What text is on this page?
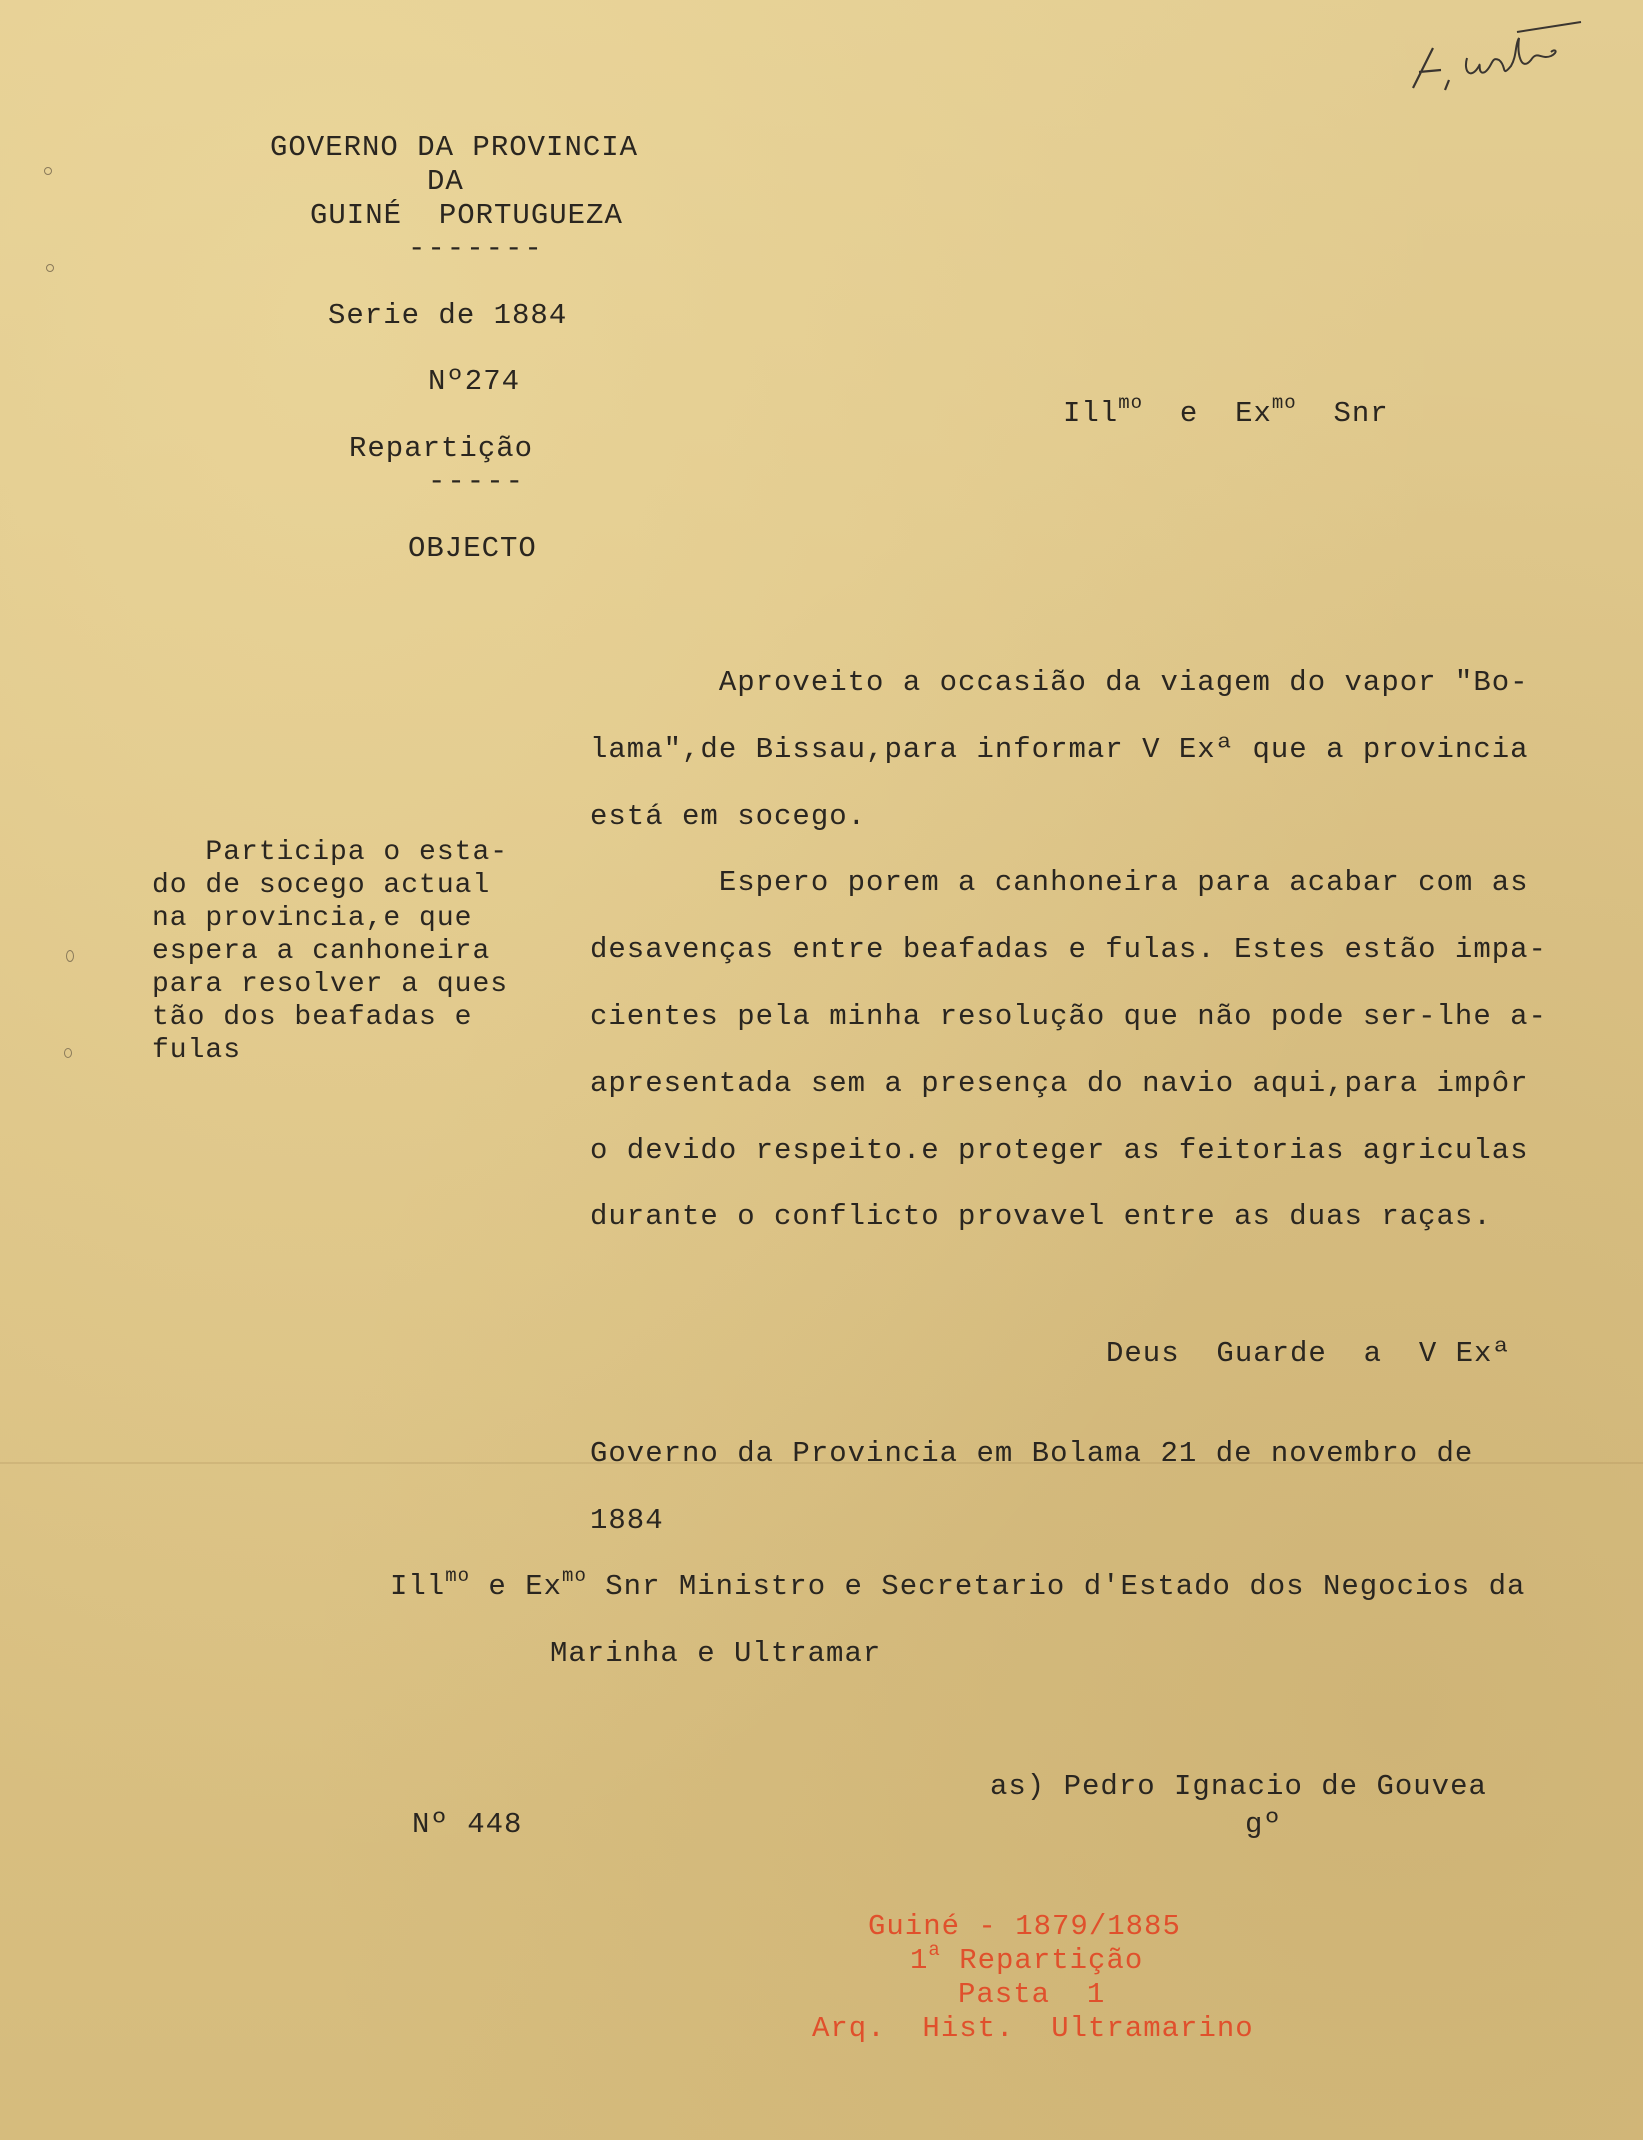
GOVERNO DA PROVINCIA
DA
GUINÉ  PORTUGUEZA
-------
Serie de 1884
Nº274
Repartição
-----
OBJECTO
Ill$^{mo}$ e $Ex^{mo}$ Snr
Participa o esta-
do de socego actual
na provincia,e que
espera a canhoneira
para resolver a ques
tão dos beafadas e
fulas
Aproveito a occasião da viagem do vapor "Bo-
lama",de Bissau,para informar V Exª que a provincia
está em socego.
Espero porem a canhoneira para acabar com as
desavenças entre beafadas e fulas. Estes estão impa-
cientes pela minha resolução que não pode ser-lhe a-
apresentada sem a presença do navio aqui,para impôr
o devido respeito.e proteger as feitorias agriculas
durante o conflicto provavel entre as duas raças.
Deus  Guarde  a  V Exª
Governo da Provincia em Bolama 21 de novembro de
1884
Ill$^{mo}$ e $Ex^{mo}$ Snr Ministro e Secretario d'Estado dos Negocios da
Marinha e Ultramar
as) Pedro Ignacio de Gouvea
gº
Nº 448
Guiné - 1879/1885
1$^a$ Repartição
Pasta  1
Arq.  Hist.  Ultramarino
